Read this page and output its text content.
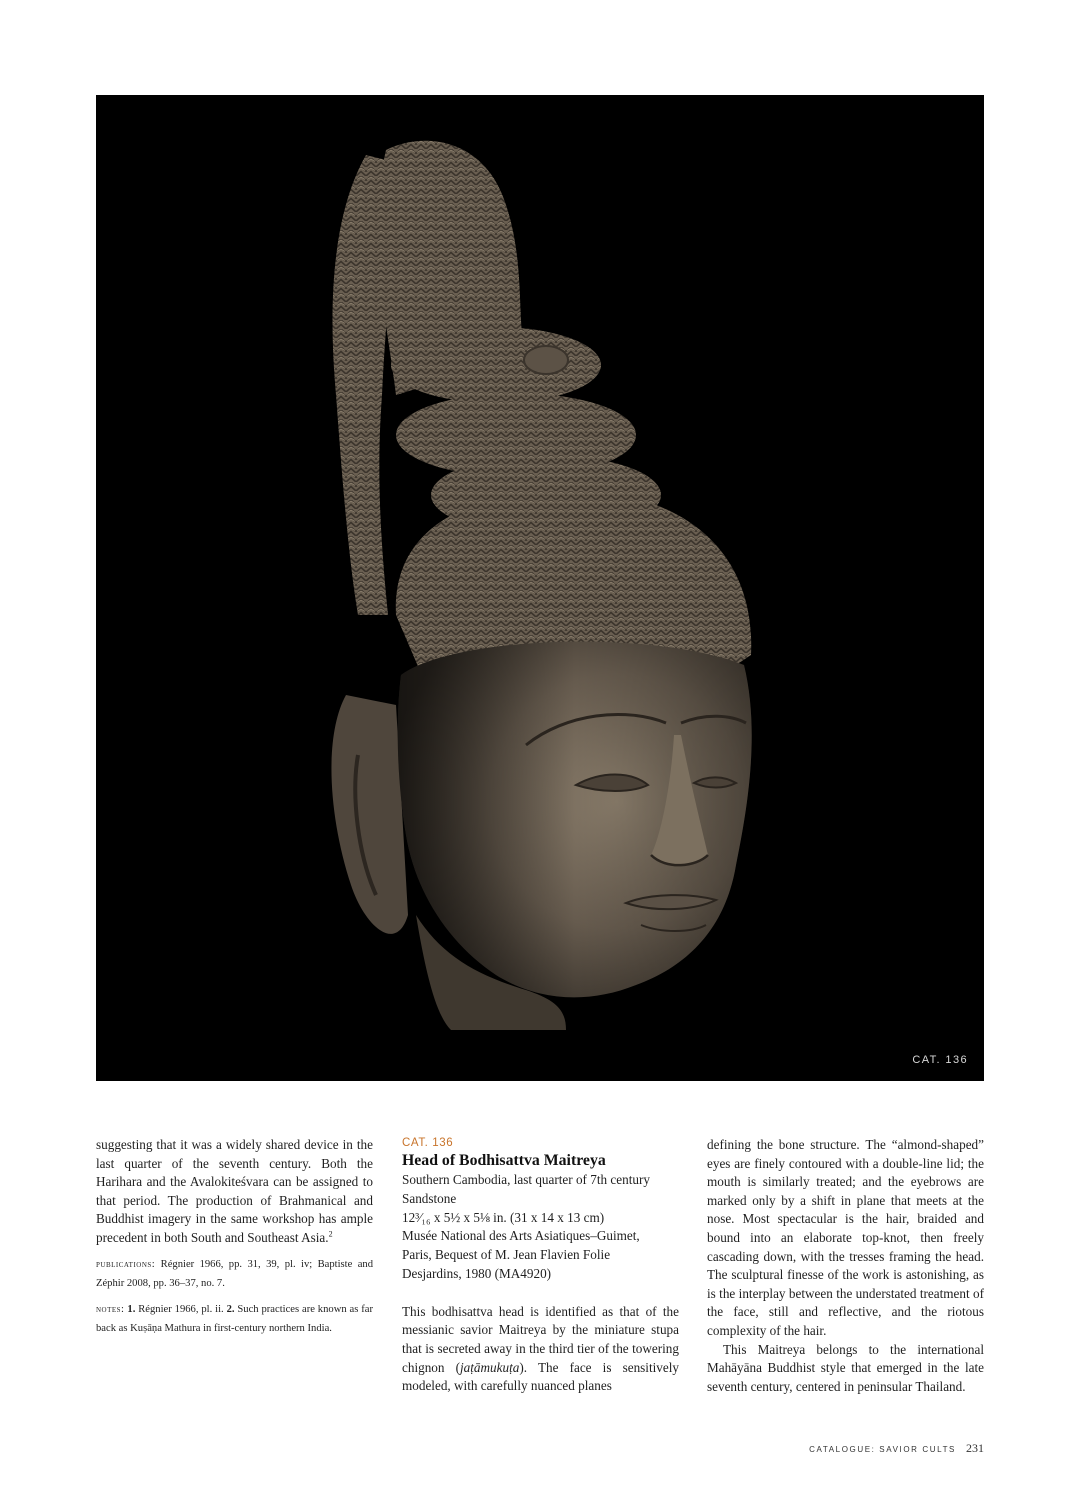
CAT. 136

suggesting that it was a widely shared device in the last quarter of the seventh century. Both the Harihara and the Avalokiteśvara can be assigned to that period. The production of Brahmanical and Buddhist imagery in the same workshop has ample precedent in both South and Southeast Asia.$^2$

publications: Régnier 1966, pp. 31, 39, pl. iv; Baptiste and Zéphir 2008, pp. 36–37, no. 7.

notes: 1. Régnier 1966, pl. ii. 2. Such practices are known as far back as Kuṣāṇa Mathura in first-century northern India.

CAT. 136
Head of Bodhisattva Maitreya
Southern Cambodia, last quarter of 7th century
Sandstone
12³⁄₁₆ x 5½ x 5⅛ in. (31 x 14 x 13 cm)
Musée National des Arts Asiatiques–Guimet,
Paris, Bequest of M. Jean Flavien Folie
Desjardins, 1980 (MA4920)

This bodhisattva head is identified as that of the messianic savior Maitreya by the miniature stupa that is secreted away in the third tier of the towering chignon (jaṭāmukuṭa). The face is sensitively modeled, with carefully nuanced planes

defining the bone structure. The “almond-shaped” eyes are finely contoured with a double-line lid; the mouth is similarly treated; and the eyebrows are marked only by a shift in plane that meets at the nose. Most spectacular is the hair, braided and bound into an elaborate top-knot, then freely cascading down, with the tresses framing the head. The sculptural finesse of the work is astonishing, as is the interplay between the understated treatment of the face, still and reflective, and the riotous complexity of the hair.

This Maitreya belongs to the international Mahāyāna Buddhist style that emerged in the late seventh century, centered in peninsular Thailand.

CATALOGUE: SAVIOR CULTS 231
